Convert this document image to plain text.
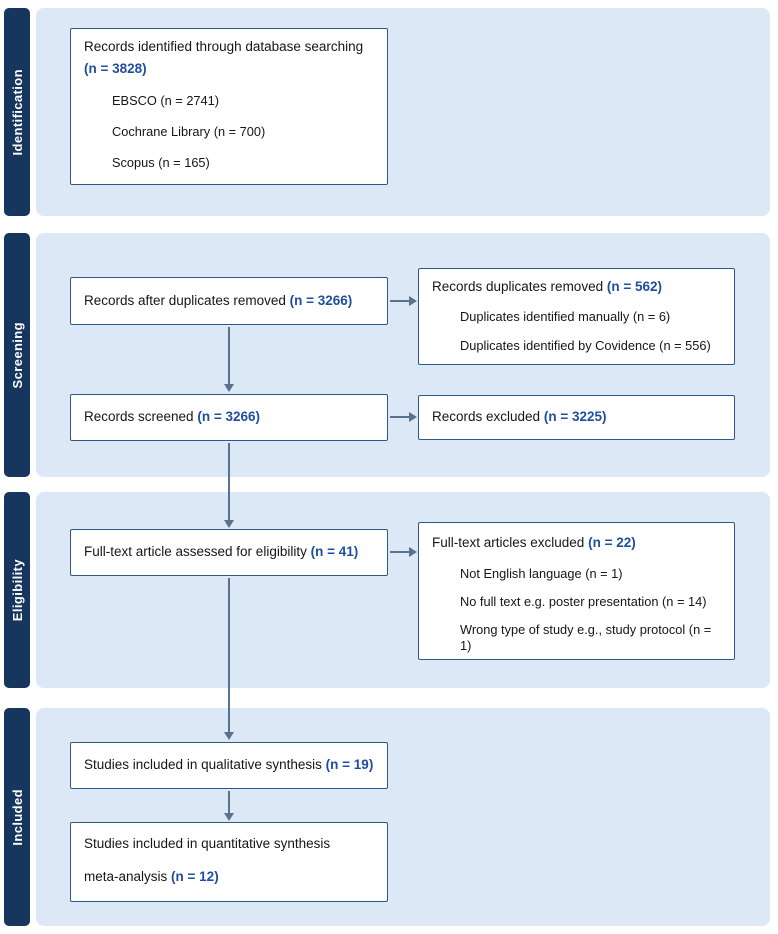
Identification
Screening
Eligibility
Included
Records identified through database searching
(n = 3828)
EBSCO (n = 2741)
Cochrane Library (n = 700)
Scopus (n = 165)
Records after duplicates removed (n = 3266)
Records duplicates removed (n = 562)
Duplicates identified manually (n = 6)
Duplicates identified by Covidence (n = 556)
Records screened (n = 3266)	Records excluded (n = 3225)
Full-text article assessed for eligibility (n = 41)
Full-text articles excluded (n = 22)
Not English language (n = 1)
No full text e.g. poster presentation (n = 14)
Wrong type of study e.g., study protocol (n = 1)
Studies included in qualitative synthesis (n = 19)
Studies included in quantitative synthesis
meta-analysis (n = 12)
